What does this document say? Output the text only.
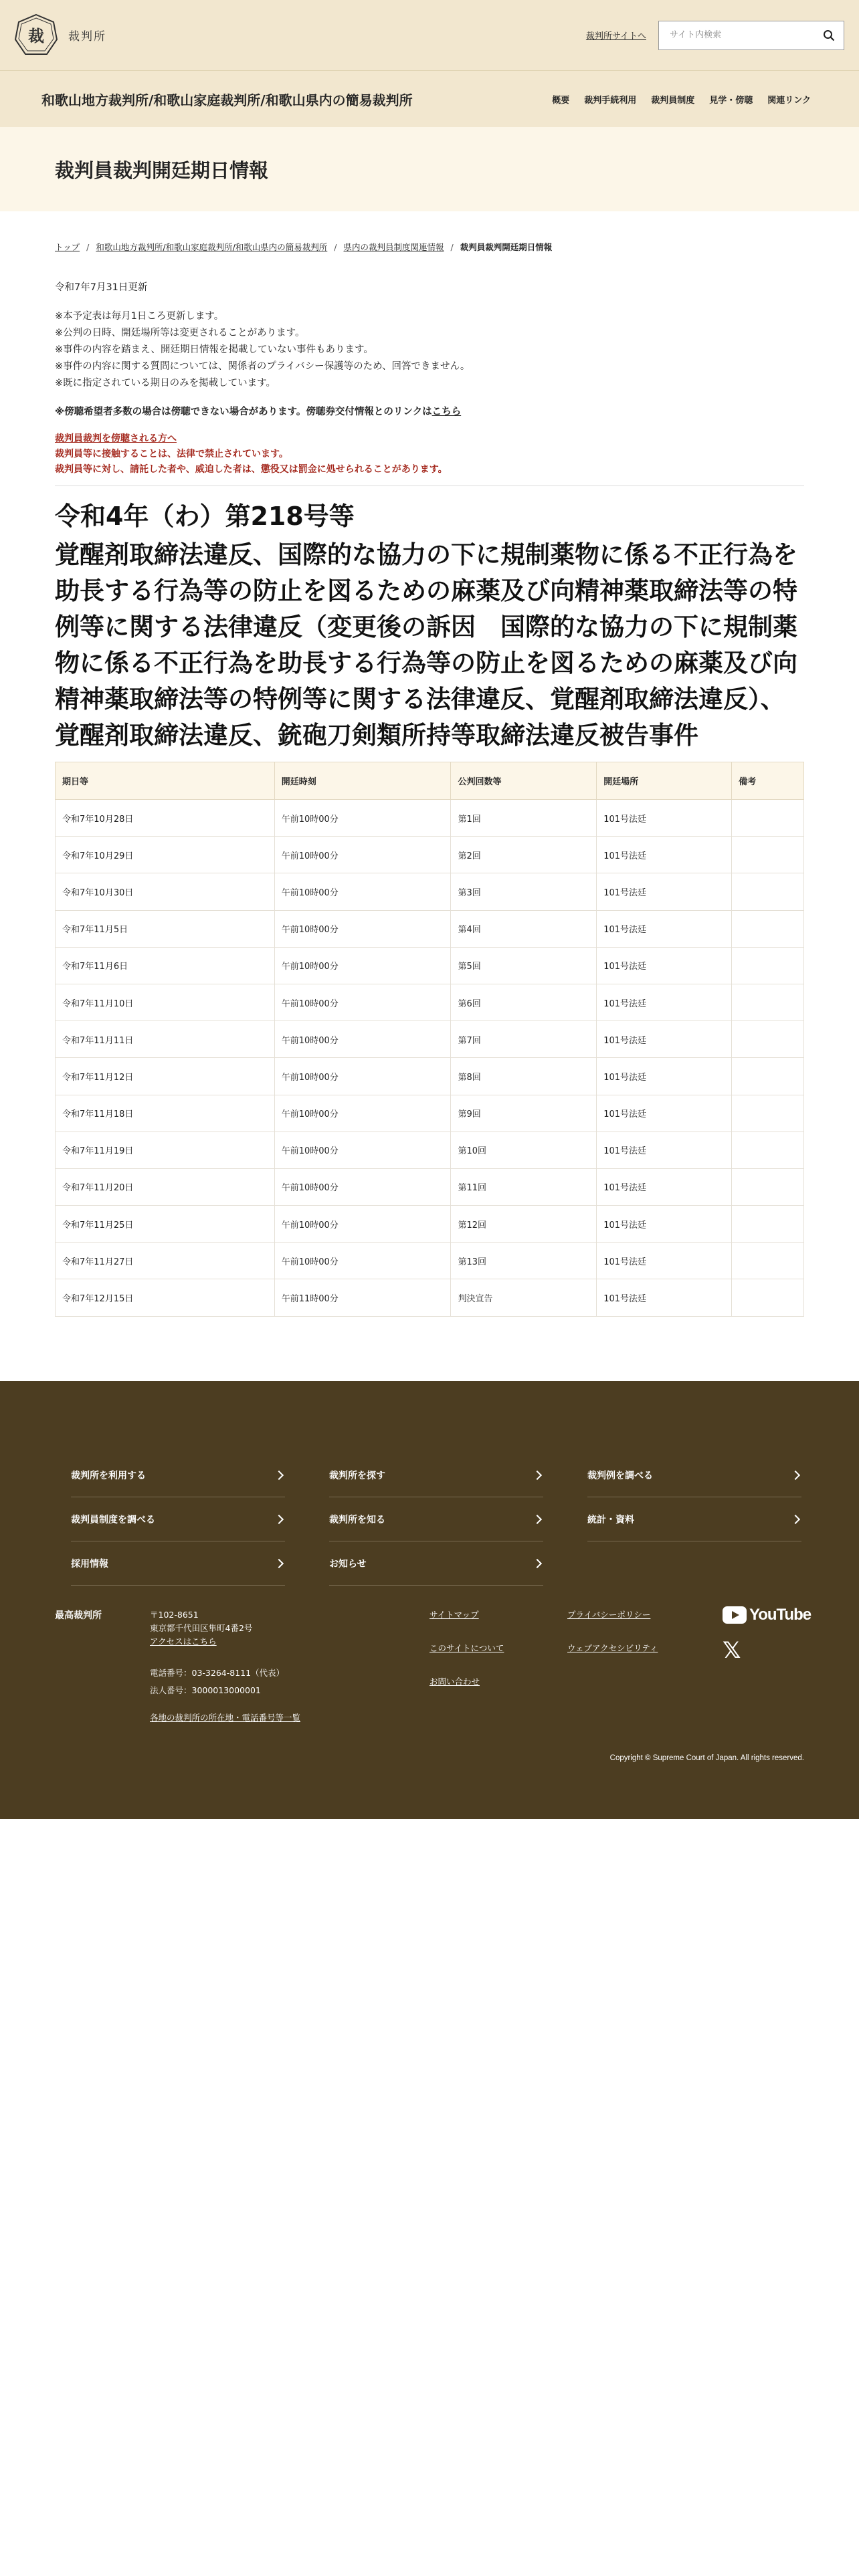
裁 裁判所	裁判所サイトへ
サイト内検索
和歌山地方裁判所/和歌山家庭裁判所/和歌山県内の簡易裁判所	概要 裁判手続利用 裁判員制度 見学・傍聴 関連リンク
裁判員裁判開廷期日情報
トップ / 和歌山地方裁判所/和歌山家庭裁判所/和歌山県内の簡易裁判所 / 県内の裁判員制度関連情報 / 裁判員裁判開廷期日情報

令和7年7月31日更新

※本予定表は毎月1日ころ更新します。

※公判の日時、開廷場所等は変更されることがあります。

※事件の内容を踏まえ、開廷期日情報を掲載していない事件もあります。

※事件の内容に関する質問については、関係者のプライバシー保護等のため、回答できません。

※既に指定されている期日のみを掲載しています。

※傍聴希望者多数の場合は傍聴できない場合があります。傍聴券交付情報とのリンクはこちら

裁判員裁判を傍聴される方へ

裁判員等に接触することは、法律で禁止されています。

裁判員等に対し、請託した者や、威迫した者は、懲役又は罰金に処せられることがあります。

令和4年（わ）第218号等
覚醒剤取締法違反、国際的な協力の下に規制薬物に係る不正行為を助長する行為等の防止を図るための麻薬及び向精神薬取締法等の特例等に関する法律違反（変更後の訴因　国際的な協力の下に規制薬物に係る不正行為を助長する行為等の防止を図るための麻薬及び向精神薬取締法等の特例等に関する法律違反、覚醒剤取締法違反）、覚醒剤取締法違反、銃砲刀剣類所持等取締法違反被告事件
期日等	開廷時刻	公判回数等	開廷場所	備考
令和7年10月28日	午前10時00分	第1回	101号法廷	
令和7年10月29日	午前10時00分	第2回	101号法廷	
令和7年10月30日	午前10時00分	第3回	101号法廷	
令和7年11月5日	午前10時00分	第4回	101号法廷	
令和7年11月6日	午前10時00分	第5回	101号法廷	
令和7年11月10日	午前10時00分	第6回	101号法廷	
令和7年11月11日	午前10時00分	第7回	101号法廷	
令和7年11月12日	午前10時00分	第8回	101号法廷	
令和7年11月18日	午前10時00分	第9回	101号法廷	
令和7年11月19日	午前10時00分	第10回	101号法廷	
令和7年11月20日	午前10時00分	第11回	101号法廷	
令和7年11月25日	午前10時00分	第12回	101号法廷	
令和7年11月27日	午前10時00分	第13回	101号法廷	
令和7年12月15日	午前11時00分	判決宣告	101号法廷	
裁判所を利用する	裁判所を探す	裁判例を調べる
裁判員制度を調べる	裁判所を知る	統計・資料
採用情報	お知らせ
最高裁判所	〒102-8651
東京都千代田区隼町4番2号
アクセスはこちら
電話番号：03-3264-8111（代表）
法人番号：3000013000001
各地の裁判所の所在地・電話番号等一覧
サイトマップ
このサイトについて
お問い合わせ
プライバシーポリシー
ウェブアクセシビリティ
YouTube
𝕏
Copyright © Supreme Court of Japan. All rights reserved.
